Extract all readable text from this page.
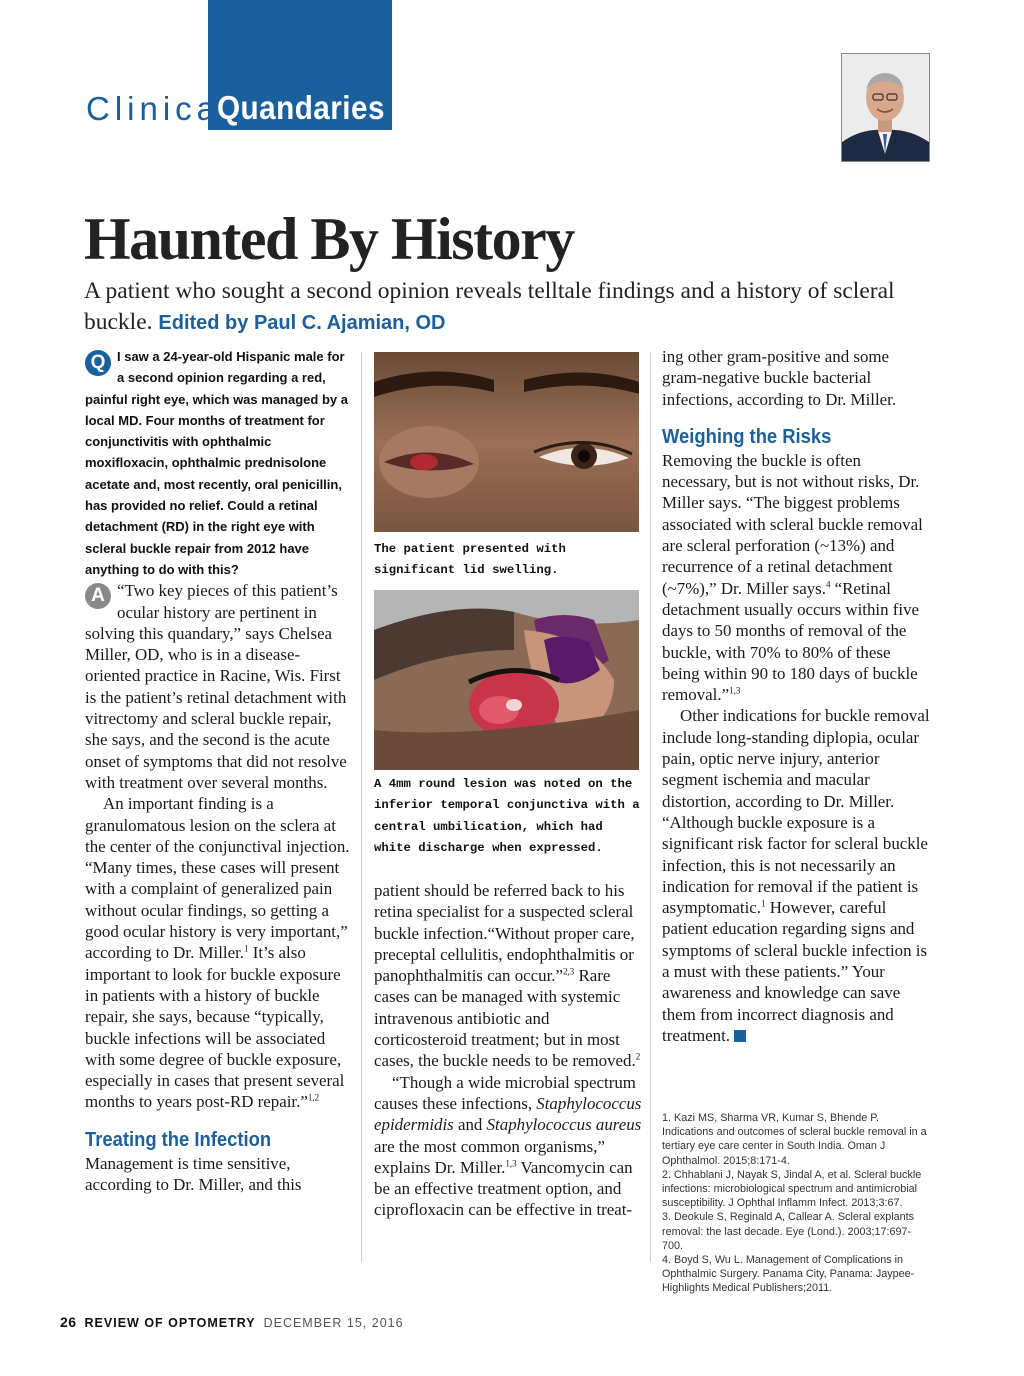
Clinical
Quandaries
Haunted By History
A patient who sought a second opinion reveals telltale findings and a history of scleral buckle. Edited by Paul C. Ajamian, OD

Q I saw a 24-year-old Hispanic male for a second opinion regarding a red, painful right eye, which was managed by a local MD. Four months of treatment for conjunctivitis with ophthalmic moxifloxacin, ophthalmic prednisolone acetate and, most recently, oral penicillin, has provided no relief. Could a retinal detachment (RD) in the right eye with scleral buckle repair from 2012 have anything to do with this?

A “Two key pieces of this patient’s ocular history are pertinent in solving this quandary,” says Chelsea Miller, OD, who is in a disease-oriented practice in Racine, Wis. First is the patient’s retinal detachment with vitrectomy and scleral buckle repair, she says, and the second is the acute onset of symptoms that did not resolve with treatment over several months.

An important finding is a granulomatous lesion on the sclera at the center of the conjunctival injection. “Many times, these cases will present with a complaint of generalized pain without ocular findings, so getting a good ocular history is very important,” according to Dr. Miller.$^1$ It’s also important to look for buckle exposure in patients with a history of buckle repair, she says, because “typically, buckle infections will be associated with some degree of buckle exposure, especially in cases that present several months to years post-RD repair.”$^{1,2}$

Treating the Infection

Management is time sensitive, according to Dr. Miller, and this

The patient presented with significant lid swelling.
A 4mm round lesion was noted on the inferior temporal conjunctiva with a central umbilication, which had white discharge when expressed.

patient should be referred back to his retina specialist for a suspected scleral buckle infection.“Without proper care, preceptal cellulitis, endophthalmitis or panophthalmitis can occur.”$^{2,3}$ Rare cases can be managed with systemic intravenous antibiotic and corticosteroid treatment; but in most cases, the buckle needs to be removed.$^2$

“Though a wide microbial spectrum causes these infections, Staphylococcus epidermidis and Staphylococcus aureus are the most common organisms,” explains Dr. Miller.$^{1,3}$ Vancomycin can be an effective treatment option, and ciprofloxacin can be effective in treat-

ing other gram-positive and some gram-negative buckle bacterial infections, according to Dr. Miller.

Weighing the Risks

Removing the buckle is often necessary, but is not without risks, Dr. Miller says. “The biggest problems associated with scleral buckle removal are scleral perforation (~13%) and recurrence of a retinal detachment (~7%),” Dr. Miller says.$^4$ “Retinal detachment usually occurs within five days to 50 months of removal of the buckle, with 70% to 80% of these being within 90 to 180 days of buckle removal.”$^{1,3}$

Other indications for buckle removal include long-standing diplopia, ocular pain, optic nerve injury, anterior segment ischemia and macular distortion, according to Dr. Miller. “Although buckle exposure is a significant risk factor for scleral buckle infection, this is not necessarily an indication for removal if the patient is asymptomatic.$^1$ However, careful patient education regarding signs and symptoms of scleral buckle infection is a must with these patients.” Your awareness and knowledge can save them from incorrect diagnosis and treatment.

1. Kazi MS, Sharma VR, Kumar S, Bhende P. Indications and outcomes of scleral buckle removal in a tertiary eye care center in South India. Oman J Ophthalmol. 2015;8:171-4.

2. Chhablani J, Nayak S, Jindal A, et al. Scleral buckle infections: microbiological spectrum and antimicrobial susceptibility. J Ophthal Inflamm Infect. 2013;3:67.

3. Deokule S, Reginald A, Callear A. Scleral explants removal: the last decade. Eye (Lond.). 2003;17:697-700.

4. Boyd S, Wu L. Management of Complications in Ophthalmic Surgery. Panama City, Panama: Jaypee-Highlights Medical Publishers;2011.

26 REVIEW OF OPTOMETRY DECEMBER 15, 2016
